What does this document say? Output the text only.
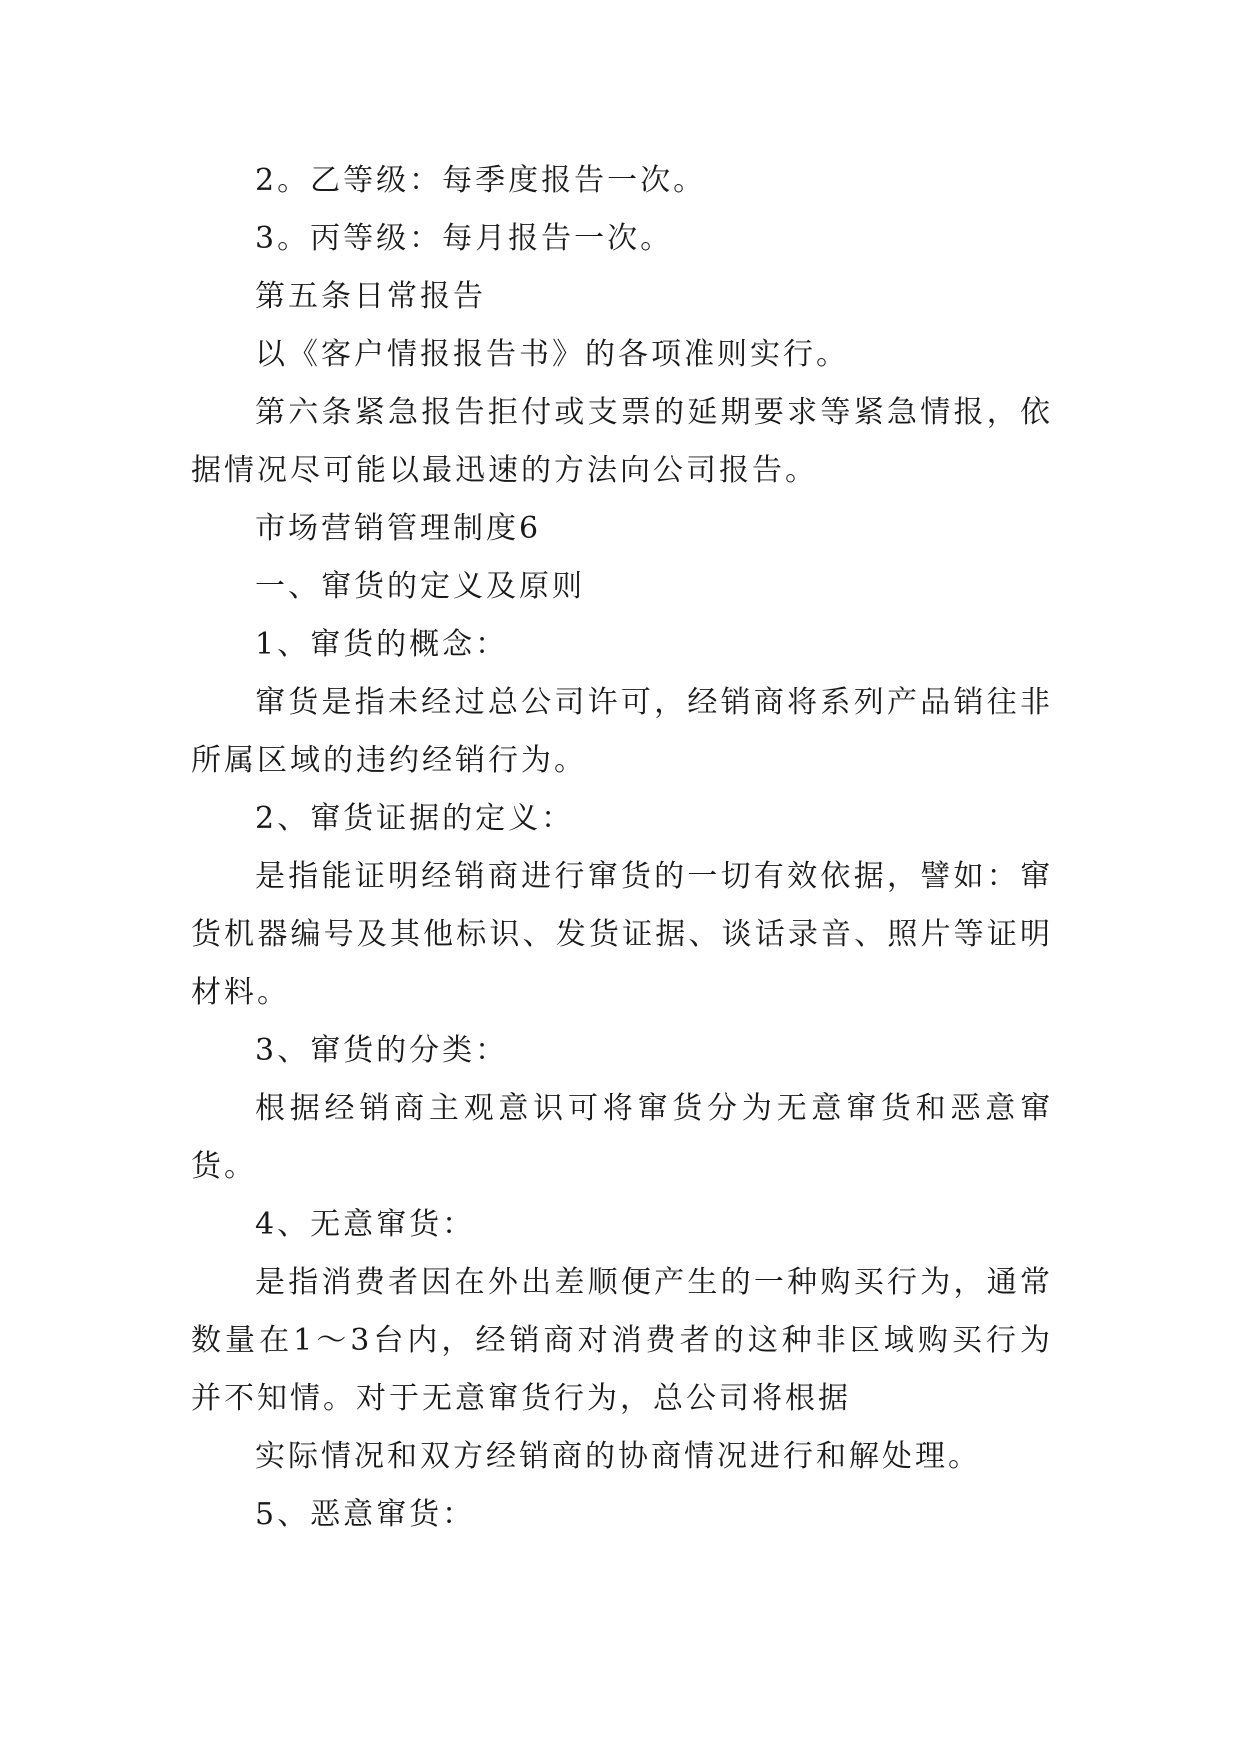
2。乙等级：每季度报告一次。

3。丙等级：每月报告一次。

第五条日常报告

以《客户情报报告书》的各项准则实行。

第六条紧急报告拒付或支票的延期要求等紧急情报，依据情况尽可能以最迅速的方法向公司报告。

市场营销管理制度6

一、窜货的定义及原则

1、窜货的概念：

窜货是指未经过总公司许可，经销商将系列产品销往非所属区域的违约经销行为。

2、窜货证据的定义：

是指能证明经销商进行窜货的一切有效依据，譬如：窜货机器编号及其他标识、发货证据、谈话录音、照片等证明材料。

3、窜货的分类：

根据经销商主观意识可将窜货分为无意窜货和恶意窜货。

4、无意窜货：

是指消费者因在外出差顺便产生的一种购买行为，通常数量在1～3台内，经销商对消费者的这种非区域购买行为并不知情。对于无意窜货行为，总公司将根据

实际情况和双方经销商的协商情况进行和解处理。

5、恶意窜货：
